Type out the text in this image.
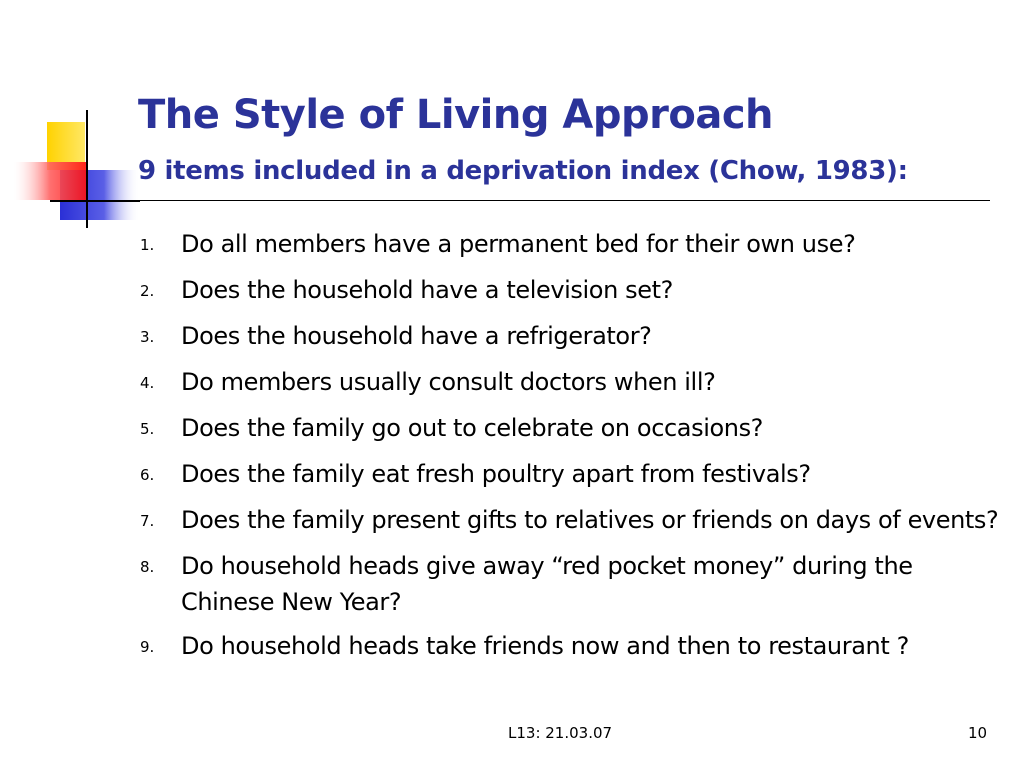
The Style of Living Approach
9 items included in a deprivation index (Chow, 1983):
1.	Do all members have a permanent bed for their own use?
2.	Does the household have a television set?
3.	Does the household have a refrigerator?
4.	Do members usually consult doctors when ill?
5.	Does the family go out to celebrate on occasions?
6.	Does the family eat fresh poultry apart from festivals?
7.	Does the family present gifts to relatives or friends on days of events?
8.	Do household heads give away “red pocket money” during the Chinese New Year?
9.	Do household heads take friends now and then to restaurant ?
L13: 21.03.07	10
